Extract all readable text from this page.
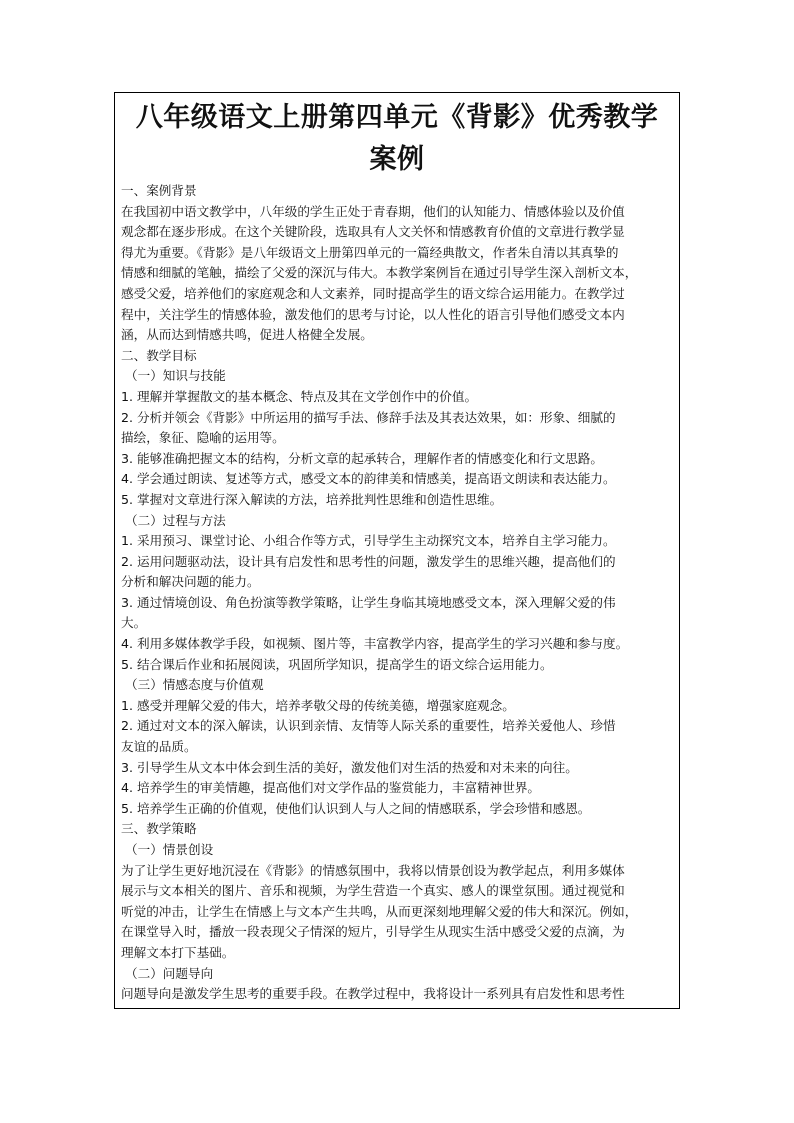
八年级语文上册第四单元《背影》优秀教学
案例
一、案例背景
在我国初中语文教学中，八年级的学生正处于青春期，他们的认知能力、情感体验以及价值
观念都在逐步形成。在这个关键阶段，选取具有人文关怀和情感教育价值的文章进行教学显
得尤为重要。《背影》是八年级语文上册第四单元的一篇经典散文，作者朱自清以其真挚的
情感和细腻的笔触，描绘了父爱的深沉与伟大。本教学案例旨在通过引导学生深入剖析文本，
感受父爱，培养他们的家庭观念和人文素养，同时提高学生的语文综合运用能力。在教学过
程中，关注学生的情感体验，激发他们的思考与讨论，以人性化的语言引导他们感受文本内
涵，从而达到情感共鸣，促进人格健全发展。
二、教学目标
（一）知识与技能
1. 理解并掌握散文的基本概念、特点及其在文学创作中的价值。
2. 分析并领会《背影》中所运用的描写手法、修辞手法及其表达效果，如：形象、细腻的
描绘，象征、隐喻的运用等。
3. 能够准确把握文本的结构，分析文章的起承转合，理解作者的情感变化和行文思路。
4. 学会通过朗读、复述等方式，感受文本的韵律美和情感美，提高语文朗读和表达能力。
5. 掌握对文章进行深入解读的方法，培养批判性思维和创造性思维。
（二）过程与方法
1. 采用预习、课堂讨论、小组合作等方式，引导学生主动探究文本，培养自主学习能力。
2. 运用问题驱动法，设计具有启发性和思考性的问题，激发学生的思维兴趣，提高他们的
分析和解决问题的能力。
3. 通过情境创设、角色扮演等教学策略，让学生身临其境地感受文本，深入理解父爱的伟
大。
4. 利用多媒体教学手段，如视频、图片等，丰富教学内容，提高学生的学习兴趣和参与度。
5. 结合课后作业和拓展阅读，巩固所学知识，提高学生的语文综合运用能力。
（三）情感态度与价值观
1. 感受并理解父爱的伟大，培养孝敬父母的传统美德，增强家庭观念。
2. 通过对文本的深入解读，认识到亲情、友情等人际关系的重要性，培养关爱他人、珍惜
友谊的品质。
3. 引导学生从文本中体会到生活的美好，激发他们对生活的热爱和对未来的向往。
4. 培养学生的审美情趣，提高他们对文学作品的鉴赏能力，丰富精神世界。
5. 培养学生正确的价值观，使他们认识到人与人之间的情感联系，学会珍惜和感恩。
三、教学策略
（一）情景创设
为了让学生更好地沉浸在《背影》的情感氛围中，我将以情景创设为教学起点，利用多媒体
展示与文本相关的图片、音乐和视频，为学生营造一个真实、感人的课堂氛围。通过视觉和
听觉的冲击，让学生在情感上与文本产生共鸣，从而更深刻地理解父爱的伟大和深沉。例如，
在课堂导入时，播放一段表现父子情深的短片，引导学生从现实生活中感受父爱的点滴，为
理解文本打下基础。
（二）问题导向
问题导向是激发学生思考的重要手段。在教学过程中，我将设计一系列具有启发性和思考性
